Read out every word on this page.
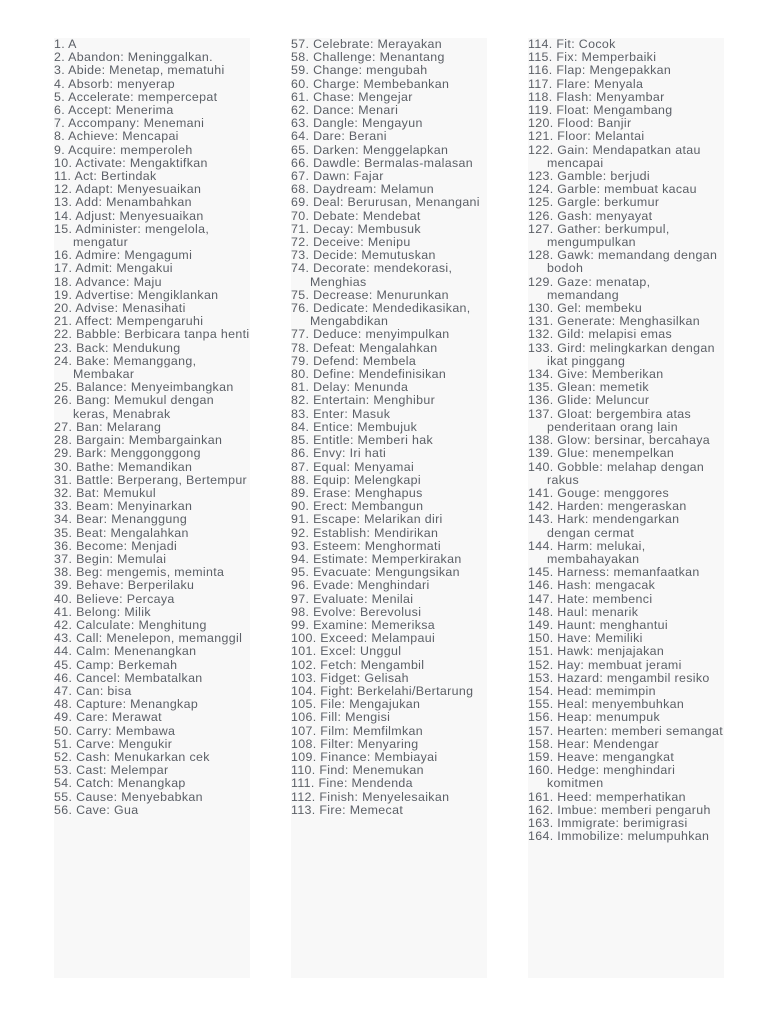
1. A

2. Abandon: Meninggalkan.

3. Abide: Menetap, mematuhi

4. Absorb: menyerap

5. Accelerate: mempercepat

6. Accept: Menerima

7. Accompany: Menemani

8. Achieve: Mencapai

9. Acquire: memperoleh

10. Activate: Mengaktifkan

11. Act: Bertindak

12. Adapt: Menyesuaikan

13. Add: Menambahkan

14. Adjust: Menyesuaikan

15. Administer: mengelola, mengatur

16. Admire: Mengagumi

17. Admit: Mengakui

18. Advance: Maju

19. Advertise: Mengiklankan

20. Advise: Menasihati

21. Affect: Mempengaruhi

22. Babble: Berbicara tanpa henti

23. Back: Mendukung

24. Bake: Memanggang, Membakar

25. Balance: Menyeimbangkan

26. Bang: Memukul dengan keras, Menabrak

27. Ban: Melarang

28. Bargain: Membargainkan

29. Bark: Menggonggong

30. Bathe: Memandikan

31. Battle: Berperang, Bertempur

32. Bat: Memukul

33. Beam: Menyinarkan

34. Bear: Menanggung

35. Beat: Mengalahkan

36. Become: Menjadi

37. Begin: Memulai

38. Beg: mengemis, meminta

39. Behave: Berperilaku

40. Believe: Percaya

41. Belong: Milik

42. Calculate: Menghitung

43. Call: Menelepon, memanggil

44. Calm: Menenangkan

45. Camp: Berkemah

46. Cancel: Membatalkan

47. Can: bisa

48. Capture: Menangkap

49. Care: Merawat

50. Carry: Membawa

51. Carve: Mengukir

52. Cash: Menukarkan cek

53. Cast: Melempar

54. Catch: Menangkap

55. Cause: Menyebabkan

56. Cave: Gua

57. Celebrate: Merayakan

58. Challenge: Menantang

59. Change: mengubah

60. Charge: Membebankan

61. Chase: Mengejar

62. Dance: Menari

63. Dangle: Mengayun

64. Dare: Berani

65. Darken: Menggelapkan

66. Dawdle: Bermalas-malasan

67. Dawn: Fajar

68. Daydream: Melamun

69. Deal: Berurusan, Menangani

70. Debate: Mendebat

71. Decay: Membusuk

72. Deceive: Menipu

73. Decide: Memutuskan

74. Decorate: mendekorasi, Menghias

75. Decrease: Menurunkan

76. Dedicate: Mendedikasikan, Mengabdikan

77. Deduce: menyimpulkan

78. Defeat: Mengalahkan

79. Defend: Membela

80. Define: Mendefinisikan

81. Delay: Menunda

82. Entertain: Menghibur

83. Enter: Masuk

84. Entice: Membujuk

85. Entitle: Memberi hak

86. Envy: Iri hati

87. Equal: Menyamai

88. Equip: Melengkapi

89. Erase: Menghapus

90. Erect: Membangun

91. Escape: Melarikan diri

92. Establish: Mendirikan

93. Esteem: Menghormati

94. Estimate: Memperkirakan

95. Evacuate: Mengungsikan

96. Evade: Menghindari

97. Evaluate: Menilai

98. Evolve: Berevolusi

99. Examine: Memeriksa

100. Exceed: Melampaui

101. Excel: Unggul

102. Fetch: Mengambil

103. Fidget: Gelisah

104. Fight: Berkelahi/Bertarung

105. File: Mengajukan

106. Fill: Mengisi

107. Film: Memfilmkan

108. Filter: Menyaring

109. Finance: Membiayai

110. Find: Menemukan

111. Fine: Mendenda

112. Finish: Menyelesaikan

113. Fire: Memecat

114. Fit: Cocok

115. Fix: Memperbaiki

116. Flap: Mengepakkan

117. Flare: Menyala

118. Flash: Menyambar

119. Float: Mengambang

120. Flood: Banjir

121. Floor: Melantai

122. Gain: Mendapatkan atau mencapai

123. Gamble: berjudi

124. Garble: membuat kacau

125. Gargle: berkumur

126. Gash: menyayat

127. Gather: berkumpul, mengumpulkan

128. Gawk: memandang dengan bodoh

129. Gaze: menatap, memandang

130. Gel: membeku

131. Generate: Menghasilkan

132. Gild: melapisi emas

133. Gird: melingkarkan dengan ikat pinggang

134. Give: Memberikan

135. Glean: memetik

136. Glide: Meluncur

137. Gloat: bergembira atas penderitaan orang lain

138. Glow: bersinar, bercahaya

139. Glue: menempelkan

140. Gobble: melahap dengan rakus

141. Gouge: menggores

142. Harden: mengeraskan

143. Hark: mendengarkan dengan cermat

144. Harm: melukai, membahayakan

145. Harness: memanfaatkan

146. Hash: mengacak

147. Hate: membenci

148. Haul: menarik

149. Haunt: menghantui

150. Have: Memiliki

151. Hawk: menjajakan

152. Hay: membuat jerami

153. Hazard: mengambil resiko

154. Head: memimpin

155. Heal: menyembuhkan

156. Heap: menumpuk

157. Hearten: memberi semangat

158. Hear: Mendengar

159. Heave: mengangkat

160. Hedge: menghindari komitmen

161. Heed: memperhatikan

162. Imbue: memberi pengaruh

163. Immigrate: berimigrasi

164. Immobilize: melumpuhkan
